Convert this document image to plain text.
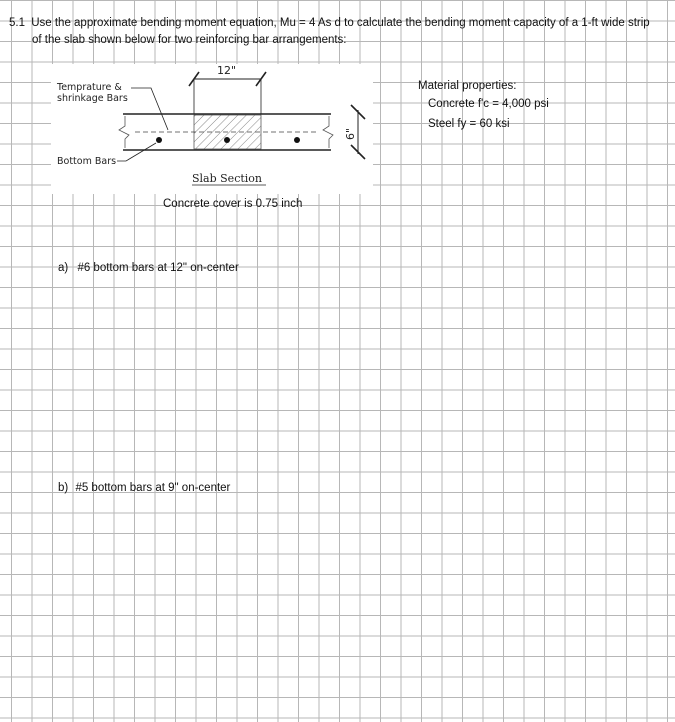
5.1 Use the approximate bending moment equation, Mu = 4 As d to calculate the bending moment capacity of a 1-ft wide strip
of the slab shown below for two reinforcing bar arrangements:
12"
6"
Temprature &
shrinkage Bars
Bottom Bars
Slab Section
Concrete cover is 0.75 inch
Material properties:
Concrete f'c = 4,000 psi
Steel fy = 60 ksi
a) #6 bottom bars at 12" on-center
b) #5 bottom bars at 9" on-center
